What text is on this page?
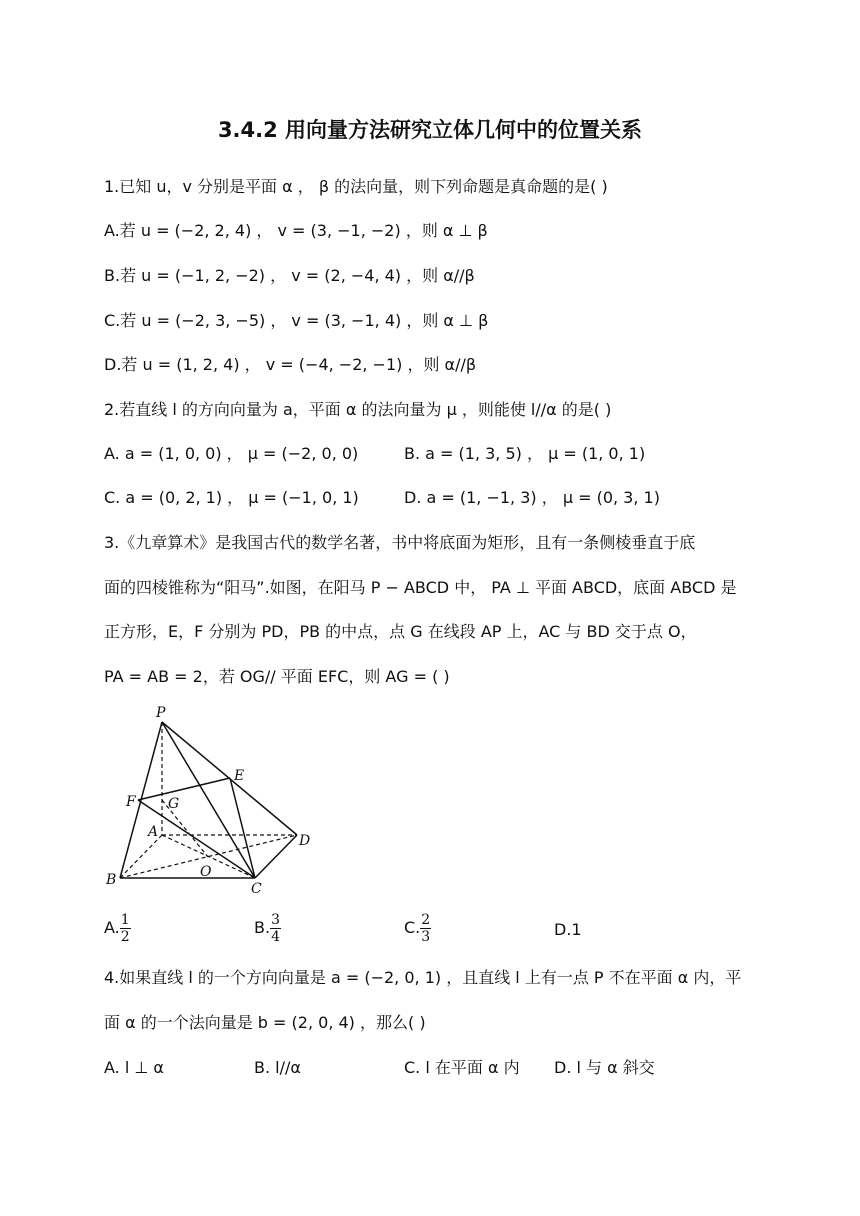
3.4.2 用向量方法研究立体几何中的位置关系
1.已知 u，v 分别是平面 α ， β 的法向量，则下列命题是真命题的是( )
A.若 u = (−2, 2, 4) ， v = (3, −1, −2) ，则 α ⊥ β
B.若 u = (−1, 2, −2) ， v = (2, −4, 4) ，则 α//β
C.若 u = (−2, 3, −5) ， v = (3, −1, 4) ，则 α ⊥ β
D.若 u = (1, 2, 4) ， v = (−4, −2, −1) ，则 α//β
2.若直线 l 的方向向量为 a，平面 α 的法向量为 μ ，则能使 l//α 的是( )
A. a = (1, 0, 0) ， μ = (−2, 0, 0)	B. a = (1, 3, 5) ， μ = (1, 0, 1)
C. a = (0, 2, 1) ， μ = (−1, 0, 1)	D. a = (1, −1, 3) ， μ = (0, 3, 1)
3.《九章算术》是我国古代的数学名著，书中将底面为矩形，且有一条侧棱垂直于底
面的四棱锥称为“阳马”.如图，在阳马 P − ABCD 中， PA ⊥ 平面 ABCD，底面 ABCD 是
正方形，E，F 分别为 PD，PB 的中点，点 G 在线段 AP 上，AC 与 BD 交于点 O，
PA = AB = 2，若 OG// 平面 EFC，则 AG = ( )
P
E
F G
A
D
B	O
C
A. $\frac{1}{2}$	B. $\frac{3}{4}$	C. $\frac{2}{3}$	D.1
4.如果直线 l 的一个方向向量是 a = (−2, 0, 1) ，且直线 l 上有一点 P 不在平面 α 内，平
面 α 的一个法向量是 b = (2, 0, 4) ，那么( )
A. l ⊥ α	B. l//α	C. l 在平面 α 内 D. l 与 α 斜交
